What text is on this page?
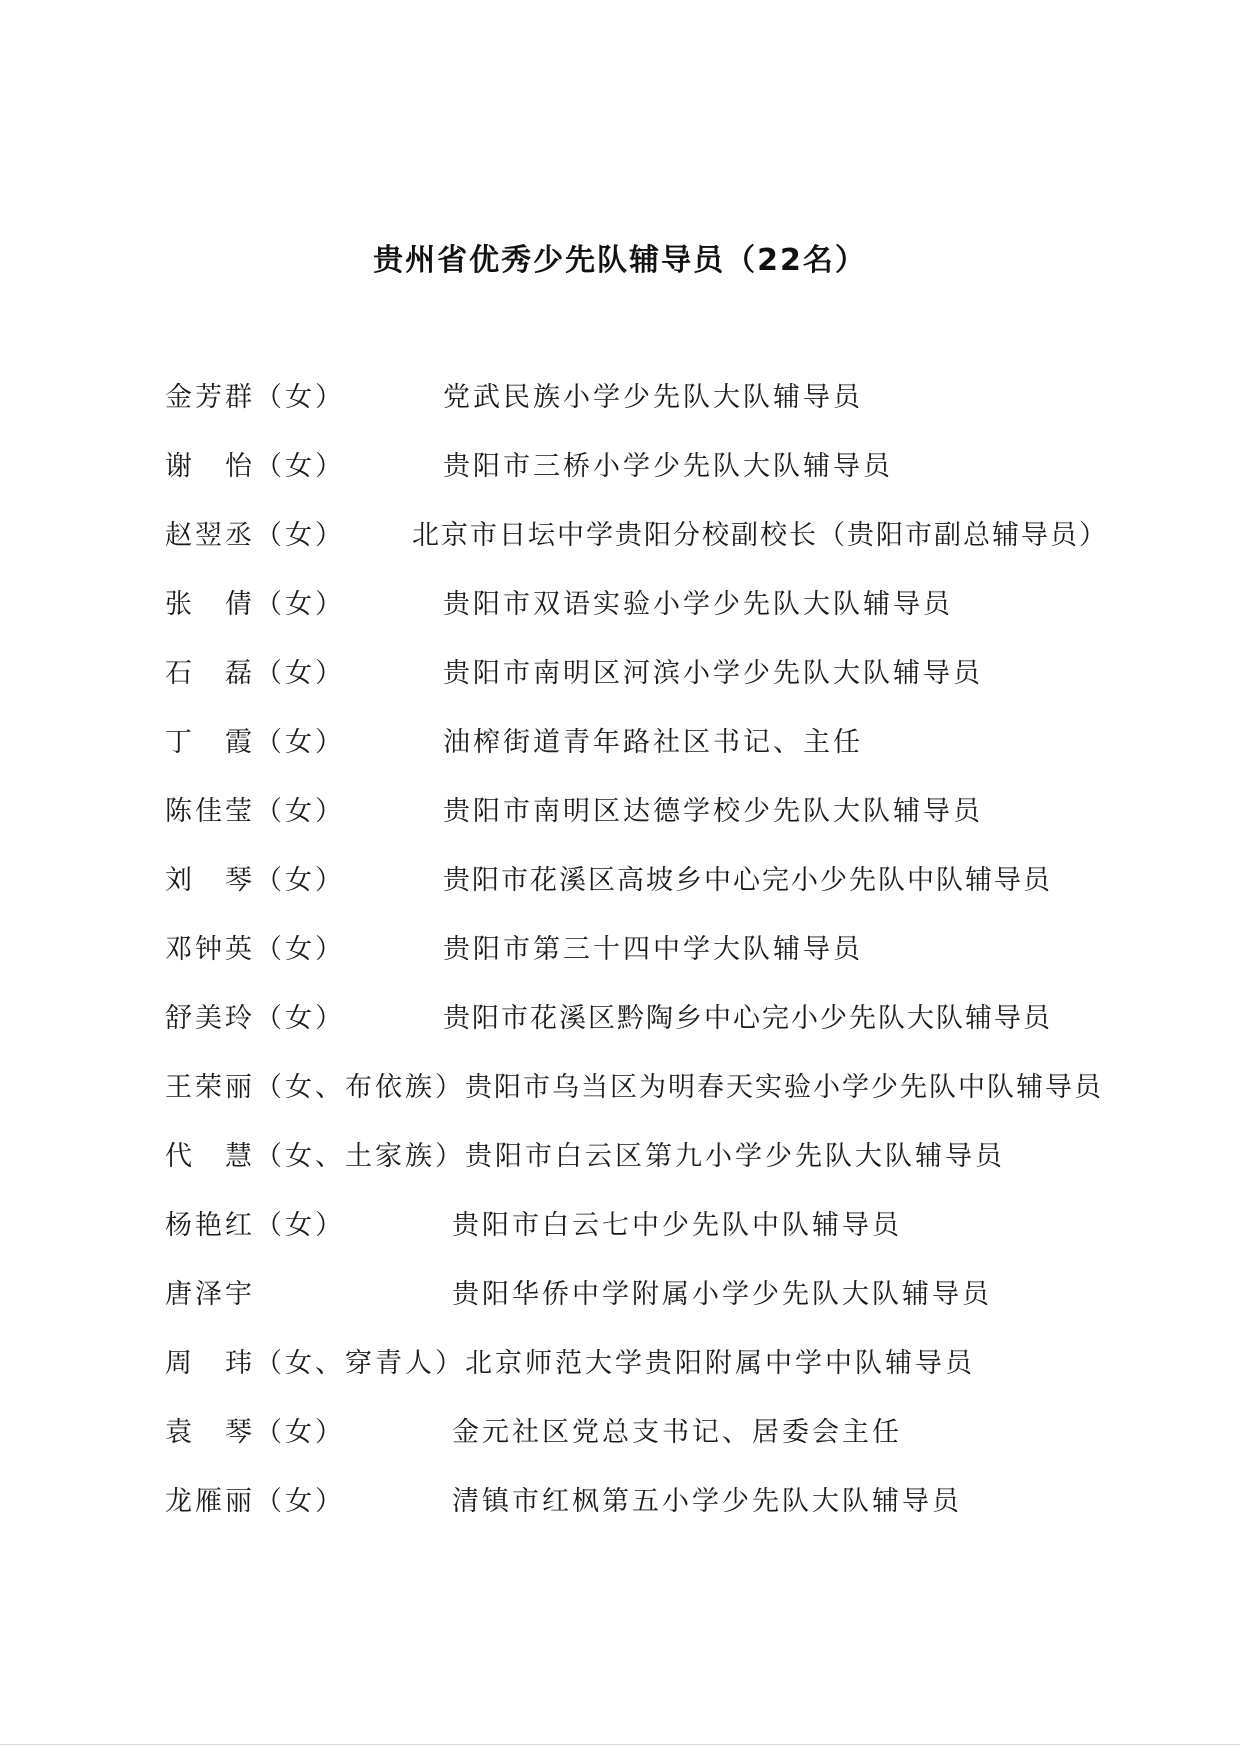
贵州省优秀少先队辅导员（22名）
金芳群（女）	党武民族小学少先队大队辅导员
谢　怡（女）	贵阳市三桥小学少先队大队辅导员
赵翌丞（女） 北京市日坛中学贵阳分校副校长（贵阳市副总辅导员）
张　倩（女）	贵阳市双语实验小学少先队大队辅导员
石　磊（女）	贵阳市南明区河滨小学少先队大队辅导员
丁　霞（女）	油榨街道青年路社区书记、主任
陈佳莹（女）	贵阳市南明区达德学校少先队大队辅导员
刘　琴（女）	贵阳市花溪区高坡乡中心完小少先队中队辅导员
邓钟英（女）	贵阳市第三十四中学大队辅导员
舒美玲（女）	贵阳市花溪区黔陶乡中心完小少先队大队辅导员
王荣丽（女、布依族）贵阳市乌当区为明春天实验小学少先队中队辅导员
代　慧（女、土家族）贵阳市白云区第九小学少先队大队辅导员
杨艳红（女）	贵阳市白云七中少先队中队辅导员
唐泽宇	贵阳华侨中学附属小学少先队大队辅导员
周　玮（女、穿青人）北京师范大学贵阳附属中学中队辅导员
袁　琴（女）	金元社区党总支书记、居委会主任
龙雁丽（女）	清镇市红枫第五小学少先队大队辅导员
